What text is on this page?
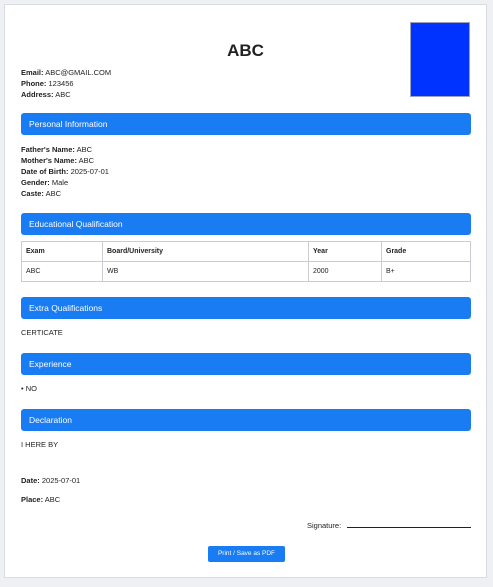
ABC
Email: ABC@GMAIL.COM
Phone: 123456
Address: ABC
Personal Information
Father's Name: ABC
Mother's Name: ABC
Date of Birth: 2025-07-01
Gender: Male
Caste: ABC
Educational Qualification
Exam	Board/University	Year	Grade
ABC	WB	2000	B+
Extra Qualifications
CERTICATE
Experience
• NO
Declaration
I HERE BY
Date: 2025-07-01
Place: ABC
Signature:
Print / Save as PDF
